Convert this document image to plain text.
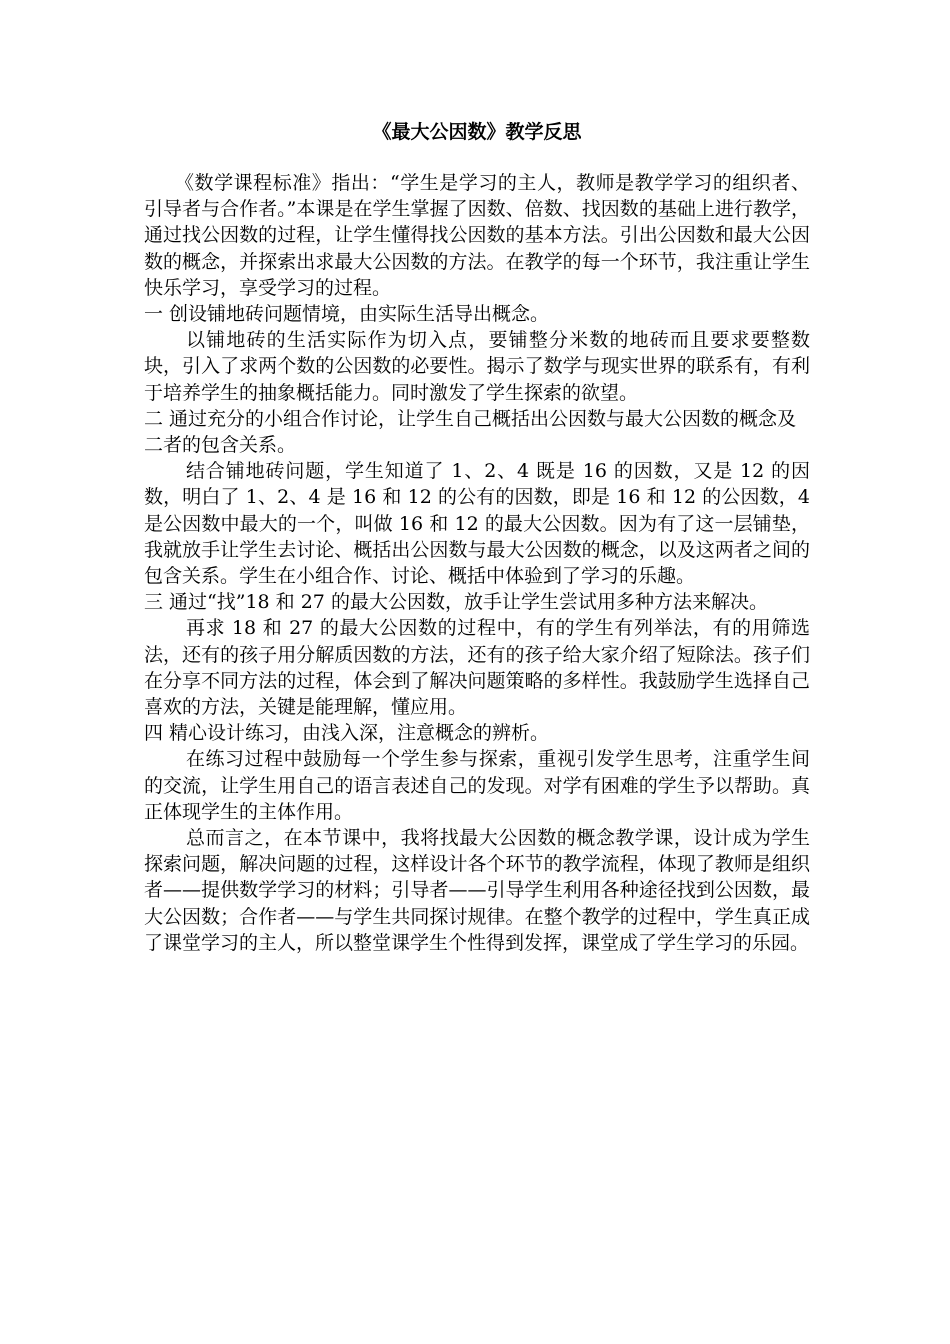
《最大公因数》教学反思

《数学课程标准》指出：“学生是学习的主人，教师是教学学习的组织者、引导者与合作者。”本课是在学生掌握了因数、倍数、找因数的基础上进行教学，通过找公因数的过程，让学生懂得找公因数的基本方法。引出公因数和最大公因数的概念，并探索出求最大公因数的方法。在教学的每一个环节，我注重让学生快乐学习，享受学习的过程。

一 创设铺地砖问题情境，由实际生活导出概念。

以铺地砖的生活实际作为切入点，要铺整分米数的地砖而且要求要整数块，引入了求两个数的公因数的必要性。揭示了数学与现实世界的联系有，有利于培养学生的抽象概括能力。同时激发了学生探索的欲望。

二 通过充分的小组合作讨论，让学生自己概括出公因数与最大公因数的概念及二者的包含关系。

结合铺地砖问题，学生知道了 1、2、4 既是 16 的因数，又是 12 的因数，明白了 1、2、4 是 16 和 12 的公有的因数，即是 16 和 12 的公因数，4 是公因数中最大的一个，叫做 16 和 12 的最大公因数。因为有了这一层铺垫，我就放手让学生去讨论、概括出公因数与最大公因数的概念，以及这两者之间的包含关系。学生在小组合作、讨论、概括中体验到了学习的乐趣。

三 通过“找”18 和 27 的最大公因数，放手让学生尝试用多种方法来解决。

再求 18 和 27 的最大公因数的过程中，有的学生有列举法，有的用筛选法，还有的孩子用分解质因数的方法，还有的孩子给大家介绍了短除法。孩子们在分享不同方法的过程，体会到了解决问题策略的多样性。我鼓励学生选择自己喜欢的方法，关键是能理解，懂应用。

四 精心设计练习，由浅入深，注意概念的辨析。

在练习过程中鼓励每一个学生参与探索，重视引发学生思考，注重学生间的交流，让学生用自己的语言表述自己的发现。对学有困难的学生予以帮助。真正体现学生的主体作用。

总而言之，在本节课中，我将找最大公因数的概念教学课，设计成为学生探索问题，解决问题的过程，这样设计各个环节的教学流程，体现了教师是组织者——提供数学学习的材料；引导者——引导学生利用各种途径找到公因数，最大公因数；合作者——与学生共同探讨规律。在整个教学的过程中，学生真正成了课堂学习的主人，所以整堂课学生个性得到发挥，课堂成了学生学习的乐园。
